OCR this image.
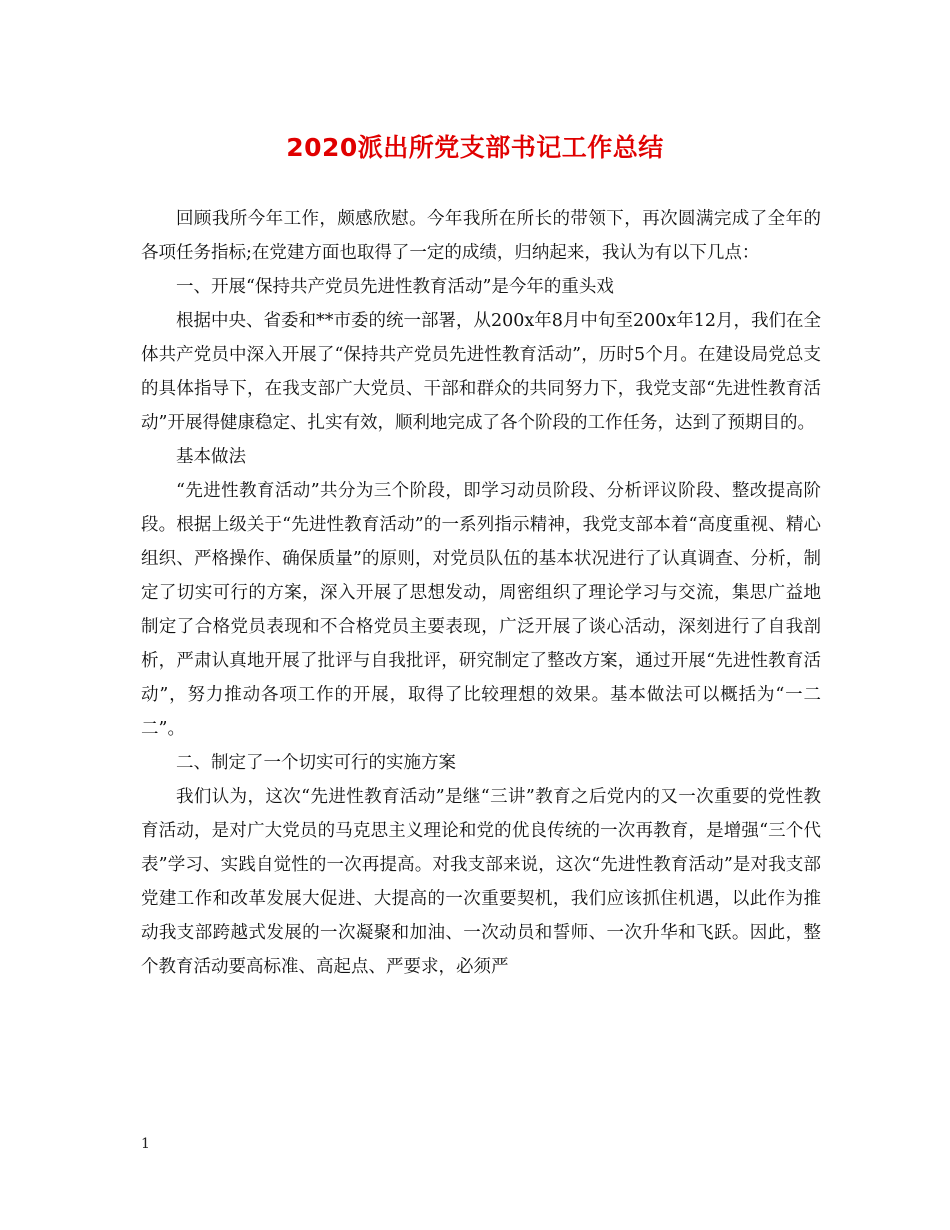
2020派出所党支部书记工作总结

回顾我所今年工作，颇感欣慰。今年我所在所长的带领下，再次圆满完成了全年的各项任务指标;在党建方面也取得了一定的成绩，归纳起来，我认为有以下几点：

一、开展“保持共产党员先进性教育活动”是今年的重头戏

根据中央、省委和**市委的统一部署，从200x年8月中旬至200x年12月，我们在全体共产党员中深入开展了“保持共产党员先进性教育活动”，历时5个月。在建设局党总支的具体指导下，在我支部广大党员、干部和群众的共同努力下，我党支部“先进性教育活动”开展得健康稳定、扎实有效，顺利地完成了各个阶段的工作任务，达到了预期目的。

基本做法

“先进性教育活动”共分为三个阶段，即学习动员阶段、分析评议阶段、整改提高阶段。根据上级关于“先进性教育活动”的一系列指示精神，我党支部本着“高度重视、精心组织、严格操作、确保质量”的原则，对党员队伍的基本状况进行了认真调查、分析，制定了切实可行的方案，深入开展了思想发动，周密组织了理论学习与交流，集思广益地制定了合格党员表现和不合格党员主要表现，广泛开展了谈心活动，深刻进行了自我剖析，严肃认真地开展了批评与自我批评，研究制定了整改方案，通过开展“先进性教育活动”，努力推动各项工作的开展，取得了比较理想的效果。基本做法可以概括为“一二二”。

二、制定了一个切实可行的实施方案

我们认为，这次“先进性教育活动”是继“三讲”教育之后党内的又一次重要的党性教育活动，是对广大党员的马克思主义理论和党的优良传统的一次再教育，是增强“三个代表”学习、实践自觉性的一次再提高。对我支部来说，这次“先进性教育活动”是对我支部党建工作和改革发展大促进、大提高的一次重要契机，我们应该抓住机遇，以此作为推动我支部跨越式发展的一次凝聚和加油、一次动员和誓师、一次升华和飞跃。因此，整个教育活动要高标准、高起点、严要求，必须严

1
